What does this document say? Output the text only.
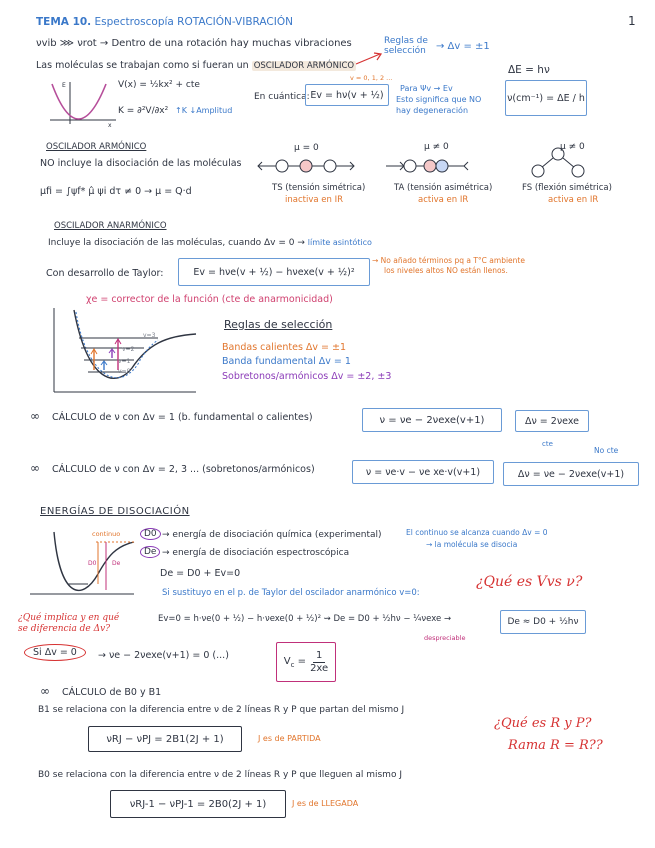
1
TEMA 10. Espectroscopía ROTACIÓN-VIBRACIÓN
νvib ⋙ νrot → Dentro de una rotación hay muchas vibraciones	Reglas de selección	→ Δv = ±1
Las moléculas se trabajan como si fueran un OSCILADOR ARMÓNICO
v = 0, 1, 2 ...
ΔE = hν
E
x
V(x) = ½kx² + cte
K = ∂²V/∂x² ↑K ↓Amplitud
En cuántica: Ev = hν(v + ½)
Para Ψv → Ev
Esto significa que NO
hay degeneración
ν(cm⁻¹) = ΔE / h
OSCILADOR ARMÓNICO
NO incluye la disociación de las moléculas
μfi = ∫ψf* μ̂ ψi dτ ≠ 0 → μ = Q·d
μ = 0	μ ≠ 0	μ ≠ 0
TS (tensión simétrica)
inactiva en IR
TA (tensión asimétrica)
activa en IR
FS (flexión simétrica)
activa en IR
OSCILADOR ANARMÓNICO
Incluye la disociación de las moléculas, cuando Δv = 0 → límite asintótico
Con desarrollo de Taylor:	Ev = hνe(v + ½) − hνexe(v + ½)²
→ No añado términos pq a T°C ambiente
los niveles altos NO están llenos.
χe = corrector de la función (cte de anarmonicidad)
v=3
v=2
v=1
v=0
Reglas de selección
Bandas calientes Δv = ±1
Banda fundamental Δv = 1
Sobretonos/armónicos Δv = ±2, ±3
∞ CÁLCULO de ν con Δv = 1 (b. fundamental o calientes)	ν = νe − 2νexe(v+1)	Δν = 2νexe
cte
∞ CÁLCULO de ν con Δv = 2, 3 ... (sobretonos/armónicos)	ν = νe·v − νe xe·v(v+1)	Δν = νe − 2νexe(v+1)
No cte
ENERGÍAS DE DISOCIACIÓN
continuo
D0	De
D0 → energía de disociación química (experimental)
De → energía de disociación espectroscópica
El continuo se alcanza cuando Δv = 0
→ la molécula se disocia
De = D0 + Ev=0
Si sustituyo en el p. de Taylor del oscilador anarmónico v=0:
¿Qué es Vvs ν?
¿Qué implica y en qué se diferencia de Δv?
Ev=0 = h·νe(0 + ½) − h·νexe(0 + ½)² ⇝ De = D0 + ½hν − ¼νexe →
despreciable
De ≈ D0 + ½hν
Si Δv = 0	→ νe − 2νexe(v+1) = 0 (...)	$V_c = \frac{1}{2xe}$
∞ CÁLCULO de B0 y B1
B1 se relaciona con la diferencia entre ν de 2 líneas R y P que partan del mismo J
νRJ − νPJ = 2B1(2J + 1)	J es de PARTIDA
¿Qué es R y P?
Rama R = R??
B0 se relaciona con la diferencia entre ν de 2 líneas R y P que lleguen al mismo J
νRJ-1 − νPJ-1 = 2B0(2J + 1)	J es de LLEGADA
